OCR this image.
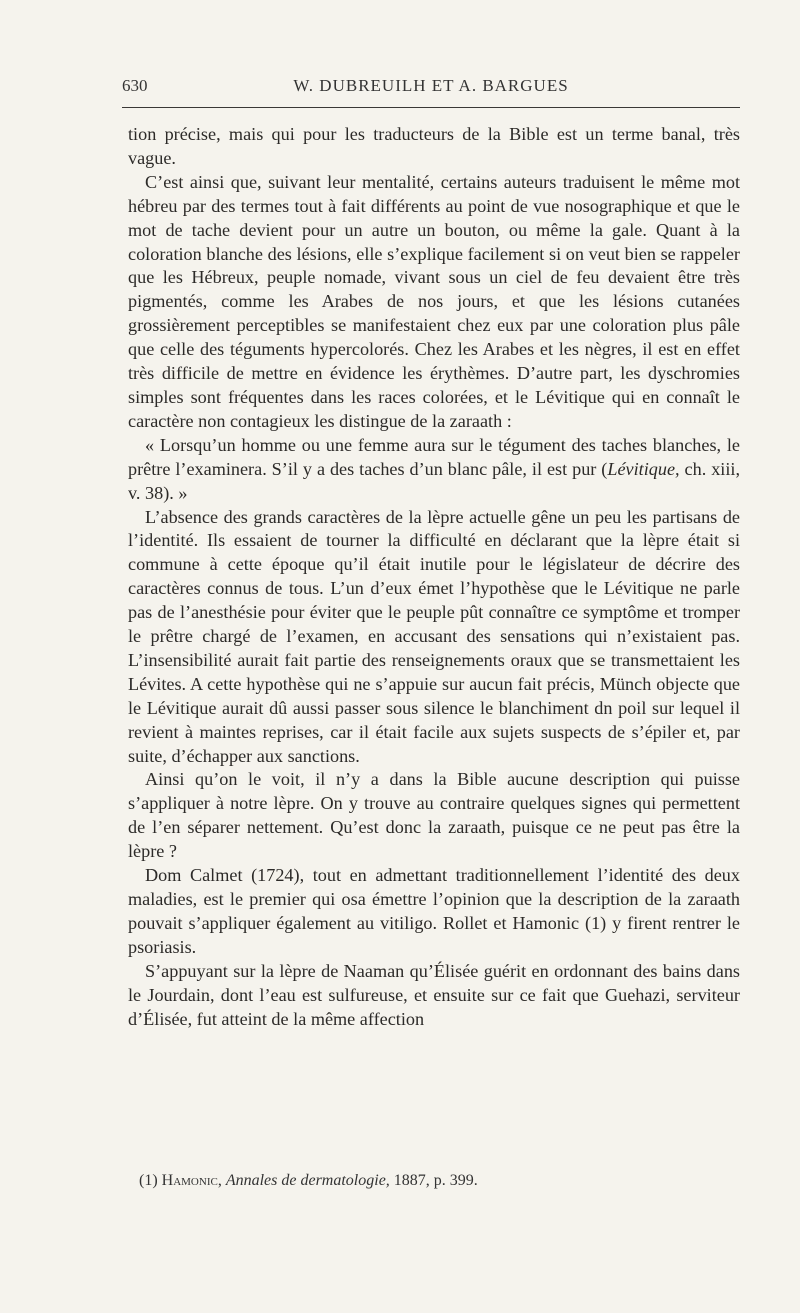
630	W. DUBREUILH ET A. BARGUES

tion précise, mais qui pour les traducteurs de la Bible est un terme banal, très vague.

C’est ainsi que, suivant leur mentalité, certains auteurs traduisent le même mot hébreu par des termes tout à fait différents au point de vue nosographique et que le mot de tache devient pour un autre un bouton, ou même la gale. Quant à la coloration blanche des lésions, elle s’explique facilement si on veut bien se rappeler que les Hébreux, peuple nomade, vivant sous un ciel de feu devaient être très pigmentés, comme les Arabes de nos jours, et que les lésions cutanées grossièrement perceptibles se manifestaient chez eux par une coloration plus pâle que celle des téguments hypercolorés. Chez les Arabes et les nègres, il est en effet très difficile de mettre en évidence les érythèmes. D’autre part, les dyschromies simples sont fréquentes dans les races colorées, et le Lévitique qui en connaît le caractère non contagieux les distingue de la zaraath :

« Lorsqu’un homme ou une femme aura sur le tégument des taches blanches, le prêtre l’examinera. S’il y a des taches d’un blanc pâle, il est pur (Lévitique, ch. xiii, v. 38). »

L’absence des grands caractères de la lèpre actuelle gêne un peu les partisans de l’identité. Ils essaient de tourner la difficulté en déclarant que la lèpre était si commune à cette époque qu’il était inutile pour le législateur de décrire des caractères connus de tous. L’un d’eux émet l’hypothèse que le Lévitique ne parle pas de l’anesthésie pour éviter que le peuple pût connaître ce symptôme et tromper le prêtre chargé de l’examen, en accusant des sensations qui n’existaient pas. L’insensibilité aurait fait partie des renseignements oraux que se transmettaient les Lévites. A cette hypothèse qui ne s’appuie sur aucun fait précis, Münch objecte que le Lévitique aurait dû aussi passer sous silence le blanchiment dn poil sur lequel il revient à maintes reprises, car il était facile aux sujets suspects de s’épiler et, par suite, d’échapper aux sanctions.

Ainsi qu’on le voit, il n’y a dans la Bible aucune description qui puisse s’appliquer à notre lèpre. On y trouve au contraire quelques signes qui permettent de l’en séparer nettement. Qu’est donc la zaraath, puisque ce ne peut pas être la lèpre ?

Dom Calmet (1724), tout en admettant traditionnellement l’identité des deux maladies, est le premier qui osa émettre l’opinion que la description de la zaraath pouvait s’appliquer également au vitiligo. Rollet et Hamonic (1) y firent rentrer le psoriasis.

S’appuyant sur la lèpre de Naaman qu’Élisée guérit en ordonnant des bains dans le Jourdain, dont l’eau est sulfureuse, et ensuite sur ce fait que Guehazi, serviteur d’Élisée, fut atteint de la même affection

(1) Hamonic, Annales de dermatologie, 1887, p. 399.
